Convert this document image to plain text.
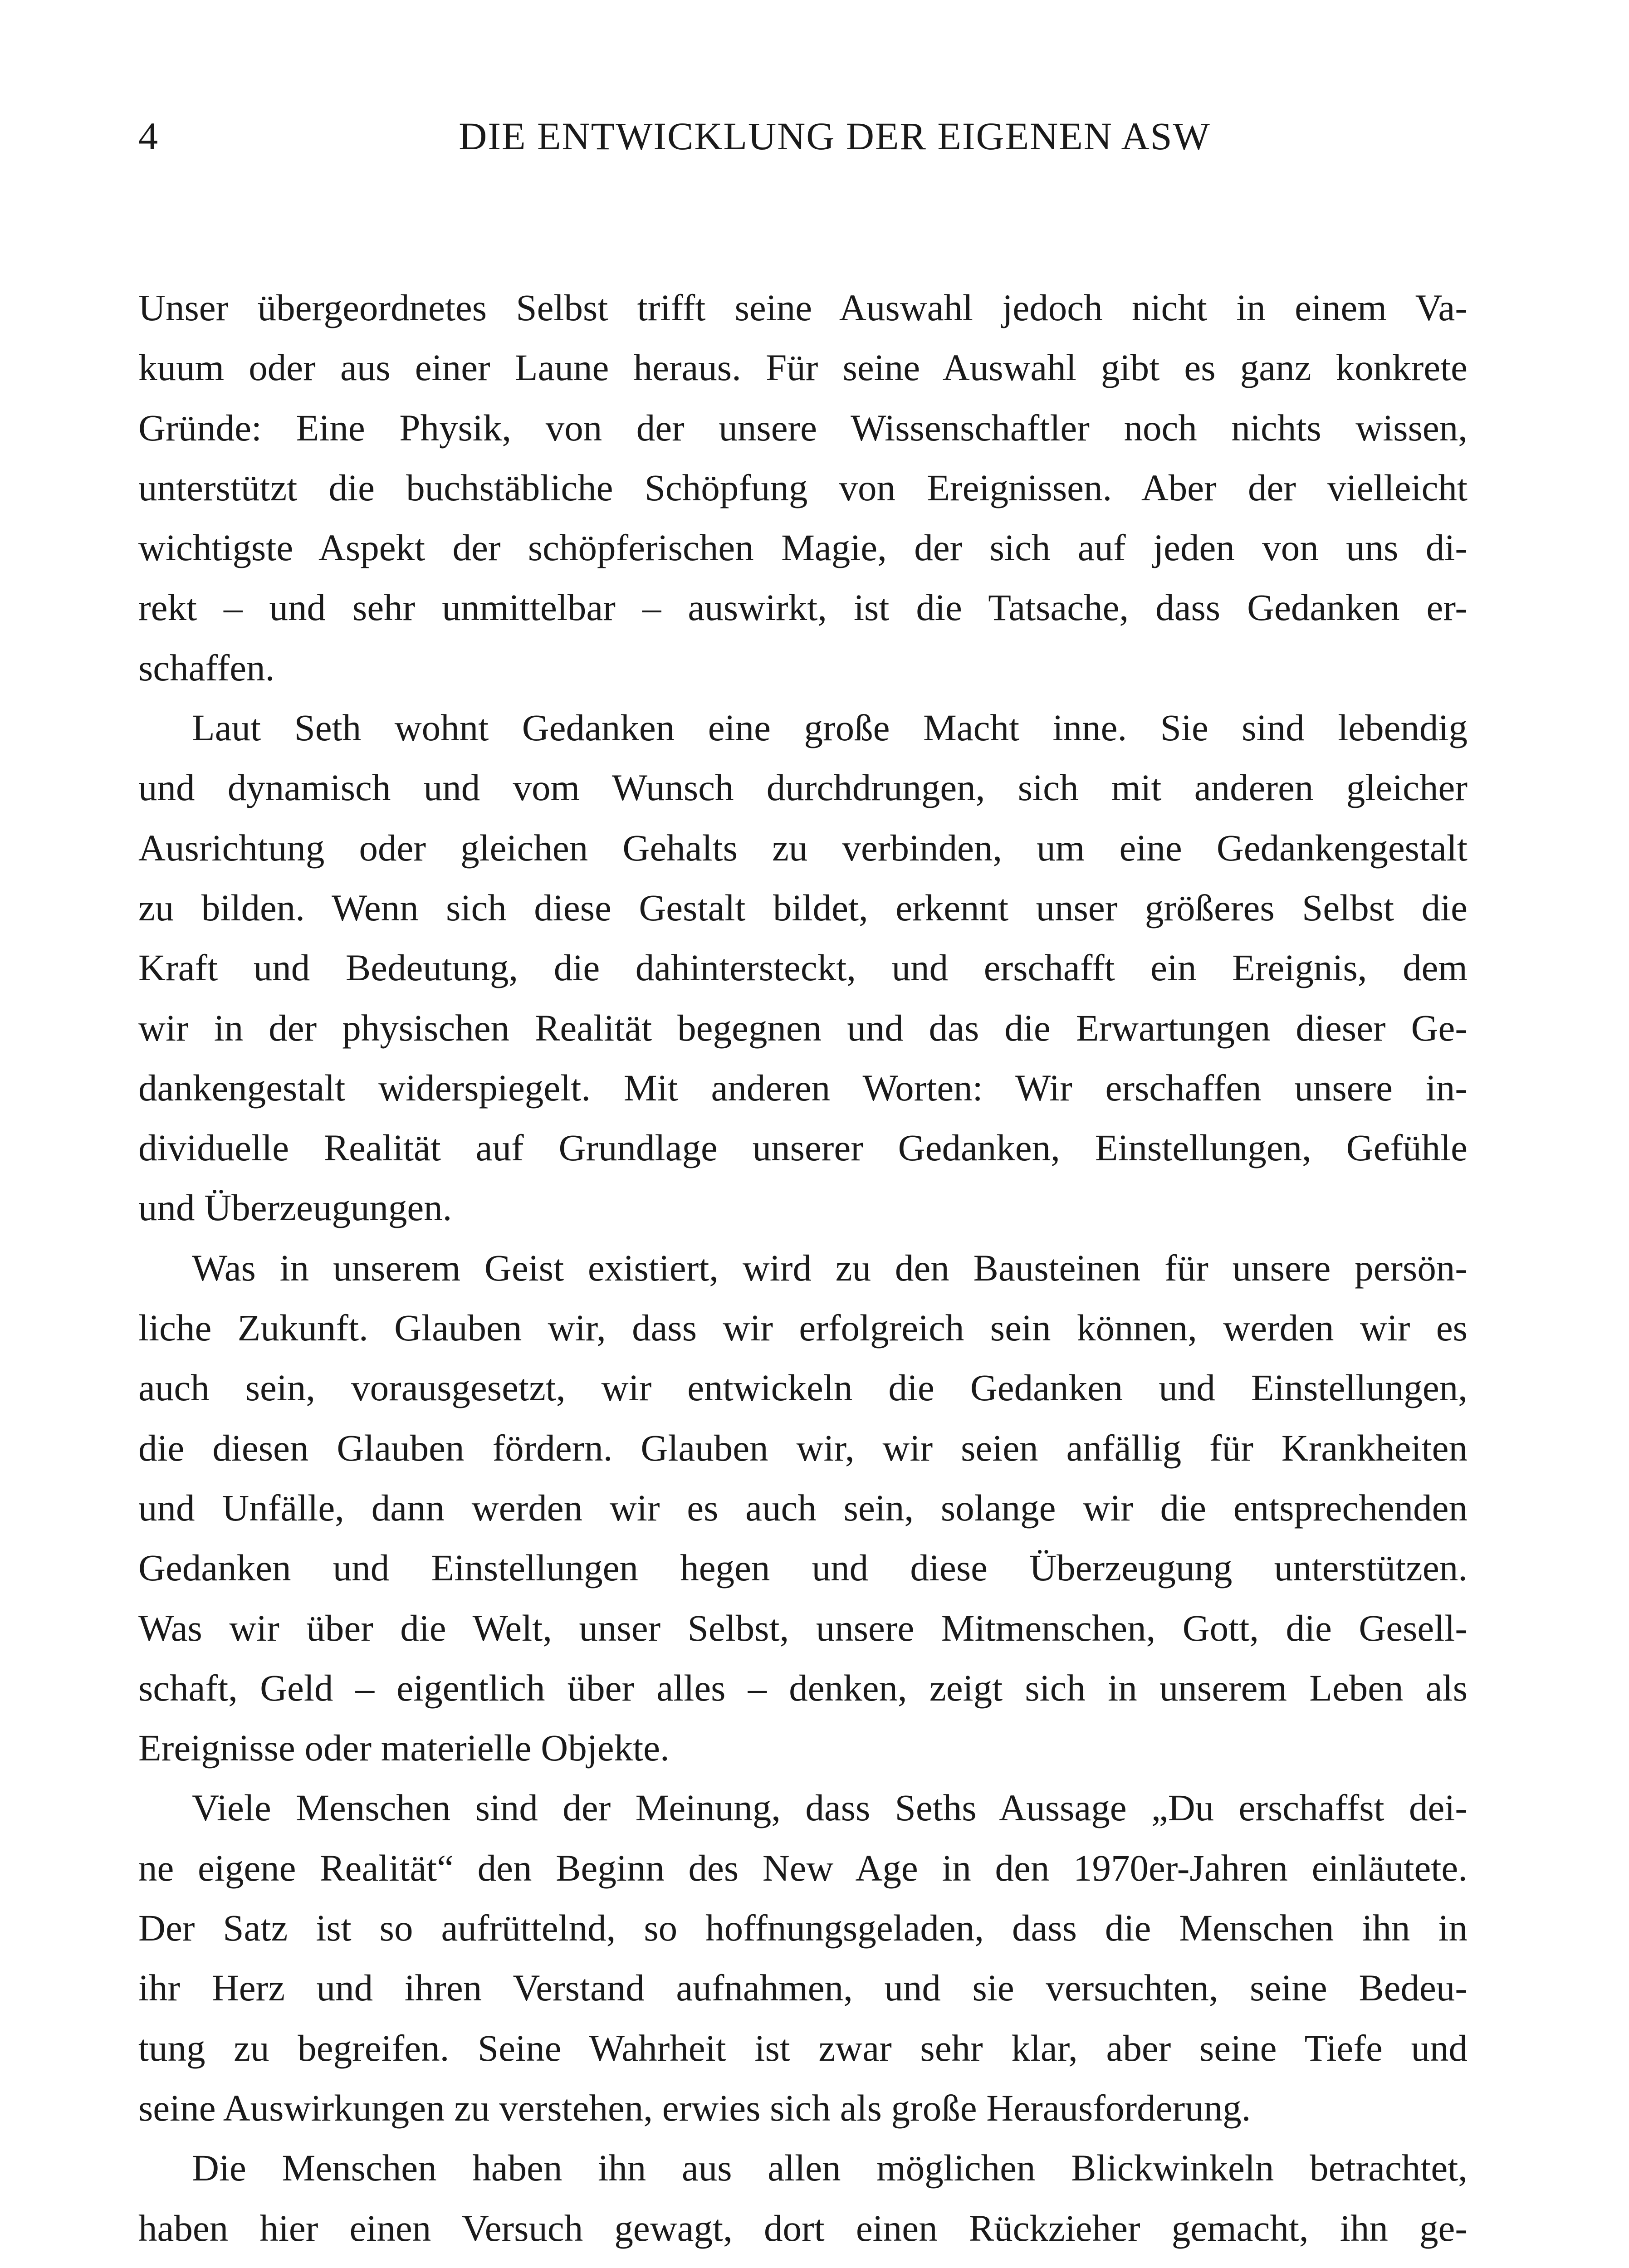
4	DIE ENTWICKLUNG DER EIGENEN ASW
Unser übergeordnetes Selbst trifft seine Auswahl jedoch nicht in einem Va-
kuum oder aus einer Laune heraus. Für seine Auswahl gibt es ganz konkrete
Gründe: Eine Physik, von der unsere Wissenschaftler noch nichts wissen,
unterstützt die buchstäbliche Schöpfung von Ereignissen. Aber der vielleicht
wichtigste Aspekt der schöpferischen Magie, der sich auf jeden von uns di-
rekt – und sehr unmittelbar – auswirkt, ist die Tatsache, dass Gedanken er-
schaffen.
Laut Seth wohnt Gedanken eine große Macht inne. Sie sind lebendig
und dynamisch und vom Wunsch durchdrungen, sich mit anderen gleicher
Ausrichtung oder gleichen Gehalts zu verbinden, um eine Gedankengestalt
zu bilden. Wenn sich diese Gestalt bildet, erkennt unser größeres Selbst die
Kraft und Bedeutung, die dahintersteckt, und erschafft ein Ereignis, dem
wir in der physischen Realität begegnen und das die Erwartungen dieser Ge-
dankengestalt widerspiegelt. Mit anderen Worten: Wir erschaffen unsere in-
dividuelle Realität auf Grundlage unserer Gedanken, Einstellungen, Gefühle
und Überzeugungen.
Was in unserem Geist existiert, wird zu den Bausteinen für unsere persön-
liche Zukunft. Glauben wir, dass wir erfolgreich sein können, werden wir es
auch sein, vorausgesetzt, wir entwickeln die Gedanken und Einstellungen,
die diesen Glauben fördern. Glauben wir, wir seien anfällig für Krankheiten
und Unfälle, dann werden wir es auch sein, solange wir die entsprechenden
Gedanken und Einstellungen hegen und diese Überzeugung unterstützen.
Was wir über die Welt, unser Selbst, unsere Mitmenschen, Gott, die Gesell-
schaft, Geld – eigentlich über alles – denken, zeigt sich in unserem Leben als
Ereignisse oder materielle Objekte.
Viele Menschen sind der Meinung, dass Seths Aussage „Du erschaffst dei-
ne eigene Realität“ den Beginn des New Age in den 1970er-Jahren einläutete.
Der Satz ist so aufrüttelnd, so hoffnungsgeladen, dass die Menschen ihn in
ihr Herz und ihren Verstand aufnahmen, und sie versuchten, seine Bedeu-
tung zu begreifen. Seine Wahrheit ist zwar sehr klar, aber seine Tiefe und
seine Auswirkungen zu verstehen, erwies sich als große Herausforderung.
Die Menschen haben ihn aus allen möglichen Blickwinkeln betrachtet,
haben hier einen Versuch gewagt, dort einen Rückzieher gemacht, ihn ge-
